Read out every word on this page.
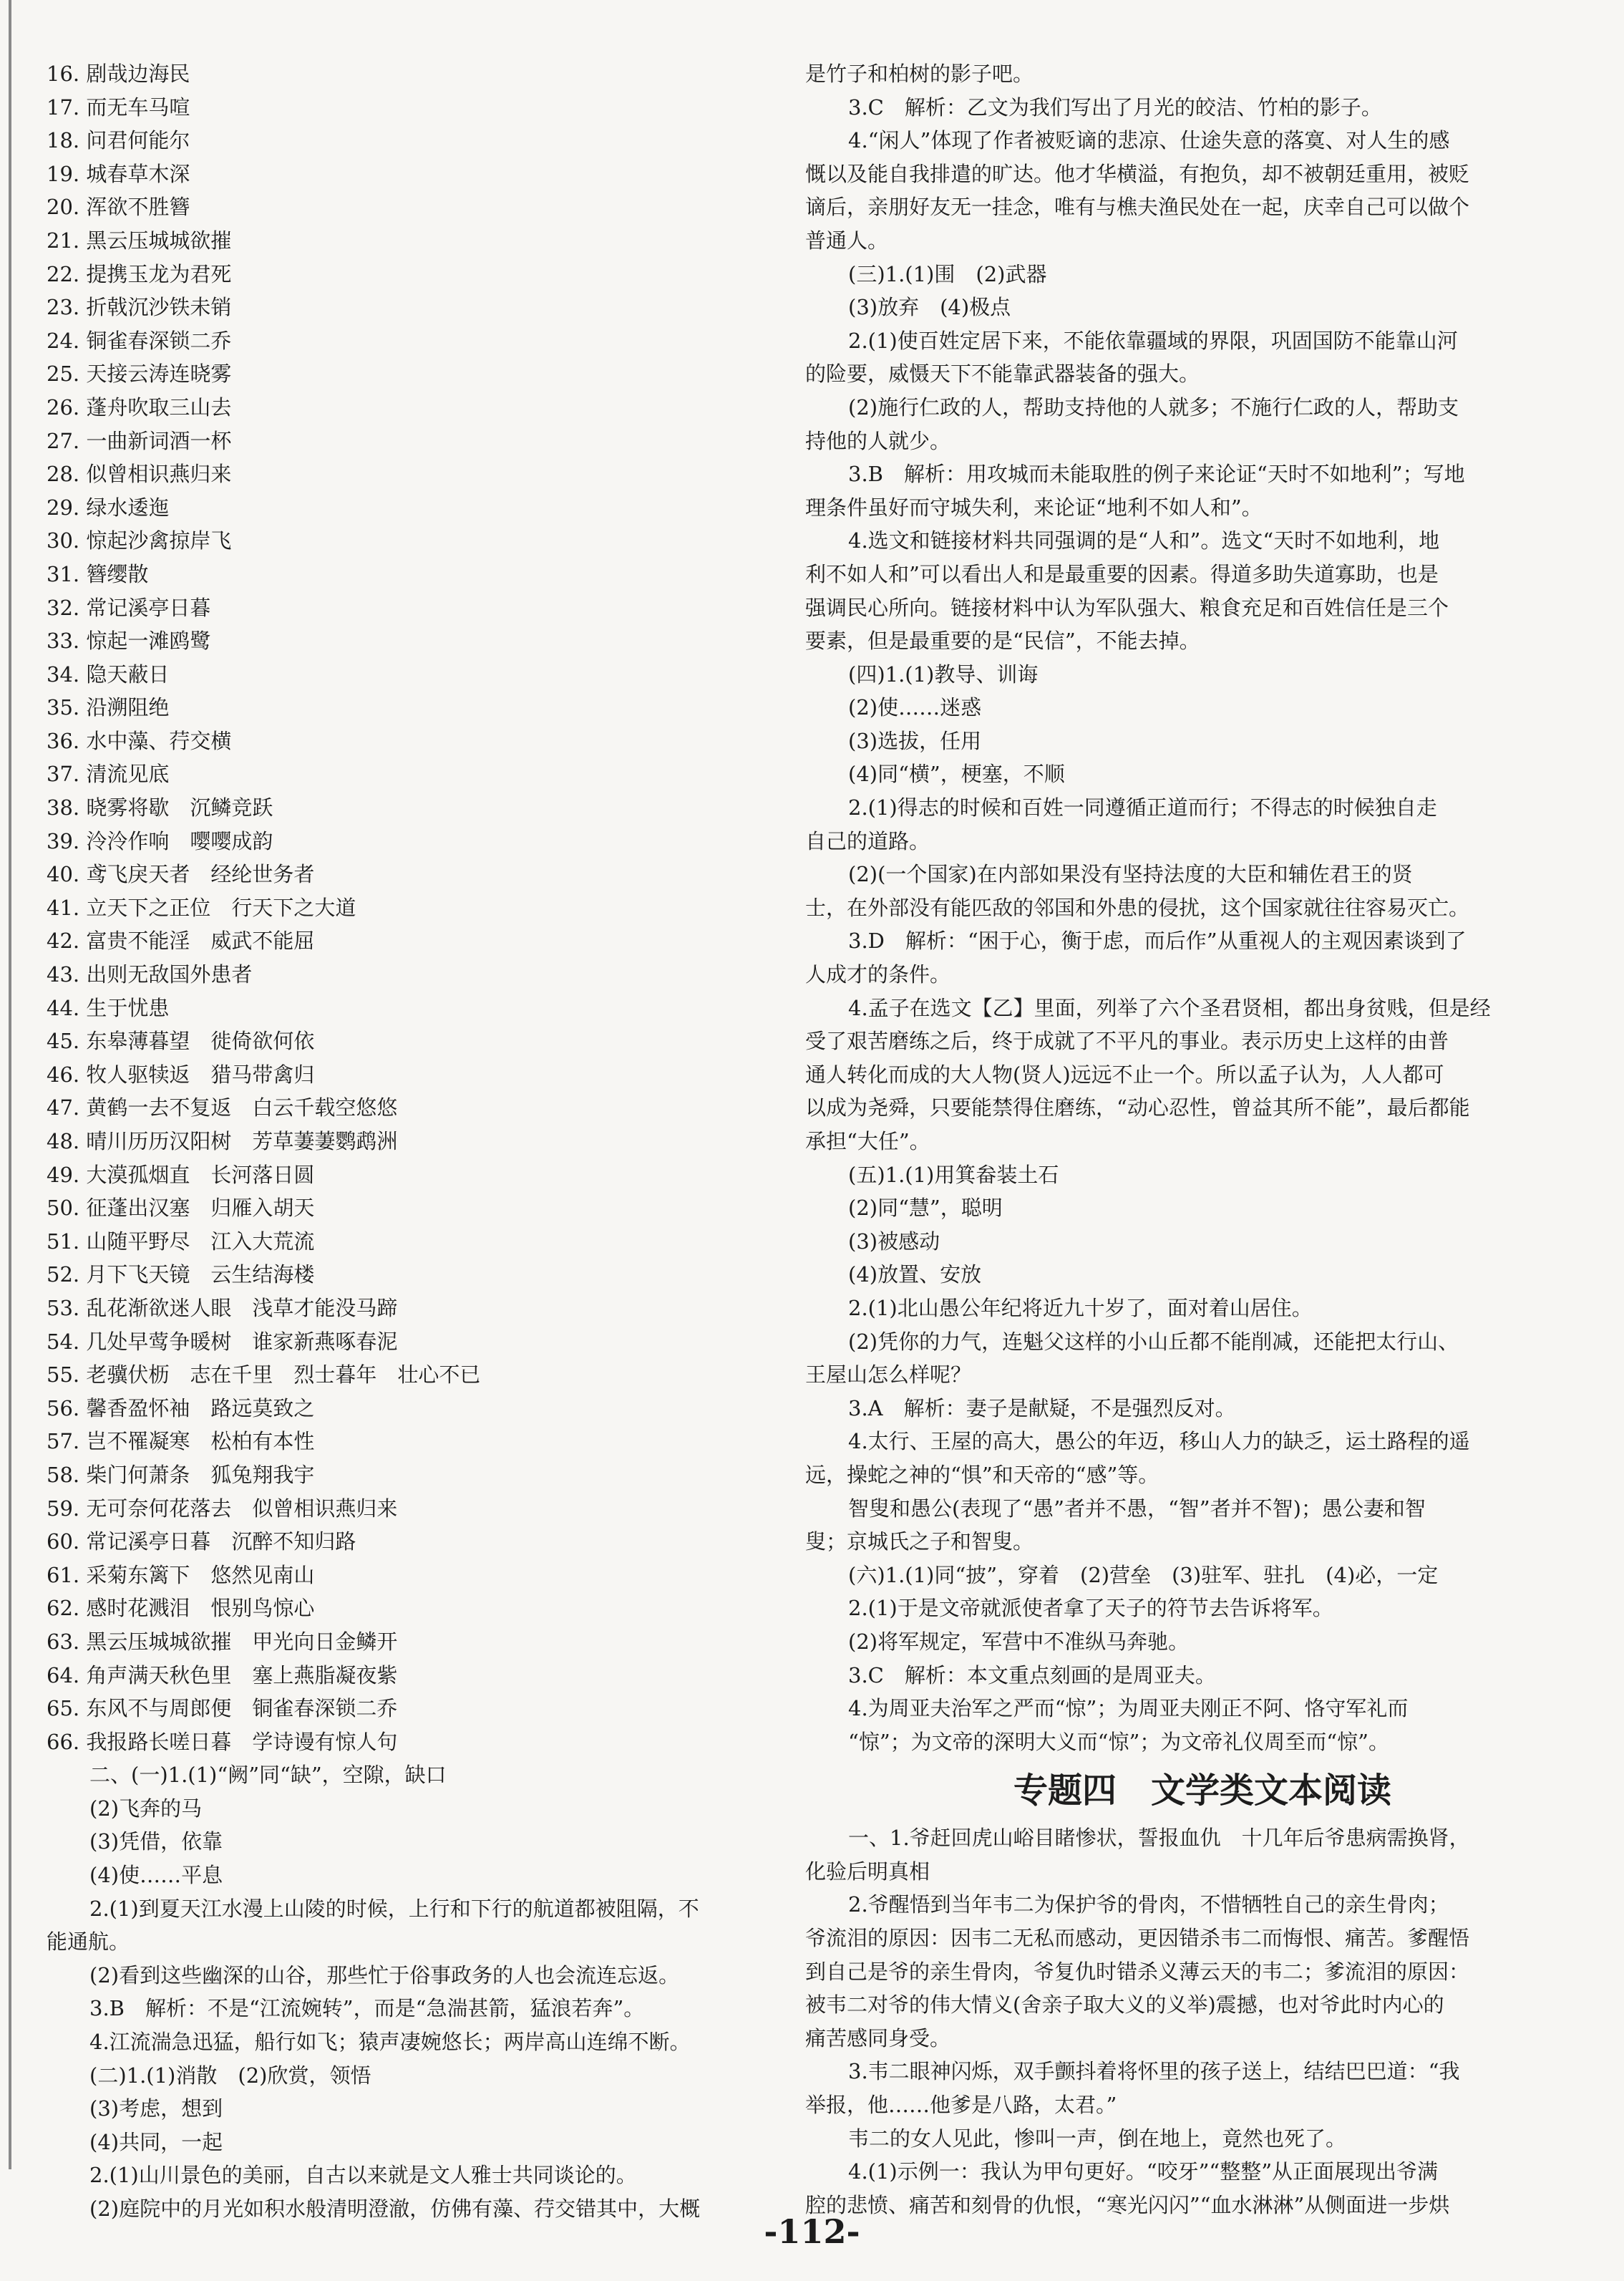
16. 剧哉边海民
17. 而无车马喧
18. 问君何能尔
19. 城春草木深
20. 浑欲不胜簪
21. 黑云压城城欲摧
22. 提携玉龙为君死
23. 折戟沉沙铁未销
24. 铜雀春深锁二乔
25. 天接云涛连晓雾
26. 蓬舟吹取三山去
27. 一曲新词酒一杯
28. 似曾相识燕归来
29. 绿水逶迤
30. 惊起沙禽掠岸飞
31. 簪缨散
32. 常记溪亭日暮
33. 惊起一滩鸥鹭
34. 隐天蔽日
35. 沿溯阻绝
36. 水中藻、荇交横
37. 清流见底
38. 晓雾将歇　沉鳞竞跃
39. 泠泠作响　嘤嘤成韵
40. 鸢飞戾天者　经纶世务者
41. 立天下之正位　行天下之大道
42. 富贵不能淫　威武不能屈
43. 出则无敌国外患者
44. 生于忧患
45. 东皋薄暮望　徙倚欲何依
46. 牧人驱犊返　猎马带禽归
47. 黄鹤一去不复返　白云千载空悠悠
48. 晴川历历汉阳树　芳草萋萋鹦鹉洲
49. 大漠孤烟直　长河落日圆
50. 征蓬出汉塞　归雁入胡天
51. 山随平野尽　江入大荒流
52. 月下飞天镜　云生结海楼
53. 乱花渐欲迷人眼　浅草才能没马蹄
54. 几处早莺争暖树　谁家新燕啄春泥
55. 老骥伏枥　志在千里　烈士暮年　壮心不已
56. 馨香盈怀袖　路远莫致之
57. 岂不罹凝寒　松柏有本性
58. 柴门何萧条　狐兔翔我宇
59. 无可奈何花落去　似曾相识燕归来
60. 常记溪亭日暮　沉醉不知归路
61. 采菊东篱下　悠然见南山
62. 感时花溅泪　恨别鸟惊心
63. 黑云压城城欲摧　甲光向日金鳞开
64. 角声满天秋色里　塞上燕脂凝夜紫
65. 东风不与周郎便　铜雀春深锁二乔
66. 我报路长嗟日暮　学诗谩有惊人句
二、(一)1.(1)“阙”同“缺”，空隙，缺口
(2)飞奔的马
(3)凭借，依靠
(4)使……平息
2.(1)到夏天江水漫上山陵的时候，上行和下行的航道都被阻隔，不
能通航。
(2)看到这些幽深的山谷，那些忙于俗事政务的人也会流连忘返。
3.B　解析：不是“江流婉转”，而是“急湍甚箭，猛浪若奔”。
4.江流湍急迅猛，船行如飞；猿声凄婉悠长；两岸高山连绵不断。
(二)1.(1)消散　(2)欣赏，领悟
(3)考虑，想到
(4)共同，一起
2.(1)山川景色的美丽，自古以来就是文人雅士共同谈论的。
(2)庭院中的月光如积水般清明澄澈，仿佛有藻、荇交错其中，大概
是竹子和柏树的影子吧。
3.C　解析：乙文为我们写出了月光的皎洁、竹柏的影子。
4.“闲人”体现了作者被贬谪的悲凉、仕途失意的落寞、对人生的感
慨以及能自我排遣的旷达。他才华横溢，有抱负，却不被朝廷重用，被贬
谪后，亲朋好友无一挂念，唯有与樵夫渔民处在一起，庆幸自己可以做个
普通人。
(三)1.(1)围　(2)武器
(3)放弃　(4)极点
2.(1)使百姓定居下来，不能依靠疆域的界限，巩固国防不能靠山河
的险要，威慑天下不能靠武器装备的强大。
(2)施行仁政的人，帮助支持他的人就多；不施行仁政的人，帮助支
持他的人就少。
3.B　解析：用攻城而未能取胜的例子来论证“天时不如地利”；写地
理条件虽好而守城失利，来论证“地利不如人和”。
4.选文和链接材料共同强调的是“人和”。选文“天时不如地利，地
利不如人和”可以看出人和是最重要的因素。得道多助失道寡助，也是
强调民心所向。链接材料中认为军队强大、粮食充足和百姓信任是三个
要素，但是最重要的是“民信”，不能去掉。
(四)1.(1)教导、训诲
(2)使……迷惑
(3)选拔，任用
(4)同“横”，梗塞，不顺
2.(1)得志的时候和百姓一同遵循正道而行；不得志的时候独自走
自己的道路。
(2)(一个国家)在内部如果没有坚持法度的大臣和辅佐君王的贤
士，在外部没有能匹敌的邻国和外患的侵扰，这个国家就往往容易灭亡。
3.D　解析：“困于心，衡于虑，而后作”从重视人的主观因素谈到了
人成才的条件。
4.孟子在选文【乙】里面，列举了六个圣君贤相，都出身贫贱，但是经
受了艰苦磨练之后，终于成就了不平凡的事业。表示历史上这样的由普
通人转化而成的大人物(贤人)远远不止一个。所以孟子认为，人人都可
以成为尧舜，只要能禁得住磨练，“动心忍性，曾益其所不能”，最后都能
承担“大任”。
(五)1.(1)用箕畚装土石
(2)同“慧”，聪明
(3)被感动
(4)放置、安放
2.(1)北山愚公年纪将近九十岁了，面对着山居住。
(2)凭你的力气，连魁父这样的小山丘都不能削减，还能把太行山、
王屋山怎么样呢？
3.A　解析：妻子是献疑，不是强烈反对。
4.太行、王屋的高大，愚公的年迈，移山人力的缺乏，运土路程的遥
远，操蛇之神的“惧”和天帝的“感”等。
智叟和愚公(表现了“愚”者并不愚，“智”者并不智)；愚公妻和智
叟；京城氏之子和智叟。
(六)1.(1)同“披”，穿着　(2)营垒　(3)驻军、驻扎　(4)必，一定
2.(1)于是文帝就派使者拿了天子的符节去告诉将军。
(2)将军规定，军营中不准纵马奔驰。
3.C　解析：本文重点刻画的是周亚夫。
4.为周亚夫治军之严而“惊”；为周亚夫刚正不阿、恪守军礼而
“惊”；为文帝的深明大义而“惊”；为文帝礼仪周至而“惊”。
专题四　文学类文本阅读
一、1.爷赶回虎山峪目睹惨状，誓报血仇　十几年后爷患病需换肾，
化验后明真相
2.爷醒悟到当年韦二为保护爷的骨肉，不惜牺牲自己的亲生骨肉；
爷流泪的原因：因韦二无私而感动，更因错杀韦二而悔恨、痛苦。爹醒悟
到自己是爷的亲生骨肉，爷复仇时错杀义薄云天的韦二；爹流泪的原因：
被韦二对爷的伟大情义(舍亲子取大义的义举)震撼，也对爷此时内心的
痛苦感同身受。
3.韦二眼神闪烁，双手颤抖着将怀里的孩子送上，结结巴巴道：“我
举报，他……他爹是八路，太君。”
韦二的女人见此，惨叫一声，倒在地上，竟然也死了。
4.(1)示例一：我认为甲句更好。“咬牙”“整整”从正面展现出爷满
腔的悲愤、痛苦和刻骨的仇恨，“寒光闪闪”“血水淋淋”从侧面进一步烘
-112-
